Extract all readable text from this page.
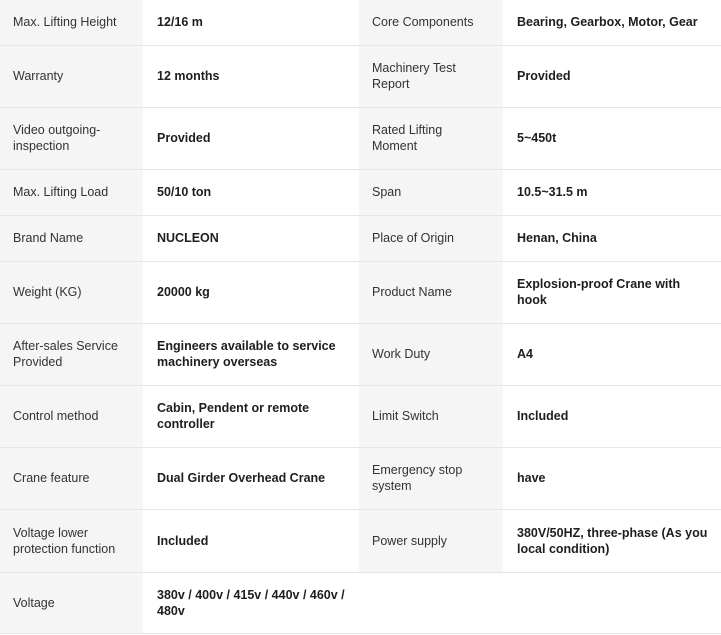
Max. Lifting Height	12/16 m	Core Components	Bearing, Gearbox, Motor, Gear
Warranty	12 months	Machinery Test Report	Provided
Video outgoing-inspection	Provided	Rated Lifting Moment	5~450t
Max. Lifting Load	50/10 ton	Span	10.5~31.5 m
Brand Name	NUCLEON	Place of Origin	Henan, China
Weight (KG)	20000 kg	Product Name	Explosion-proof Crane with hook
After-sales Service Provided	Engineers available to service machinery overseas	Work Duty	A4
Control method	Cabin, Pendent or remote controller	Limit Switch	Included
Crane feature	Dual Girder Overhead Crane	Emergency stop system	have
Voltage lower protection function	Included	Power supply	380V/50HZ, three-phase (As you local condition)
Voltage	380v / 400v / 415v / 440v / 460v / 480v		
